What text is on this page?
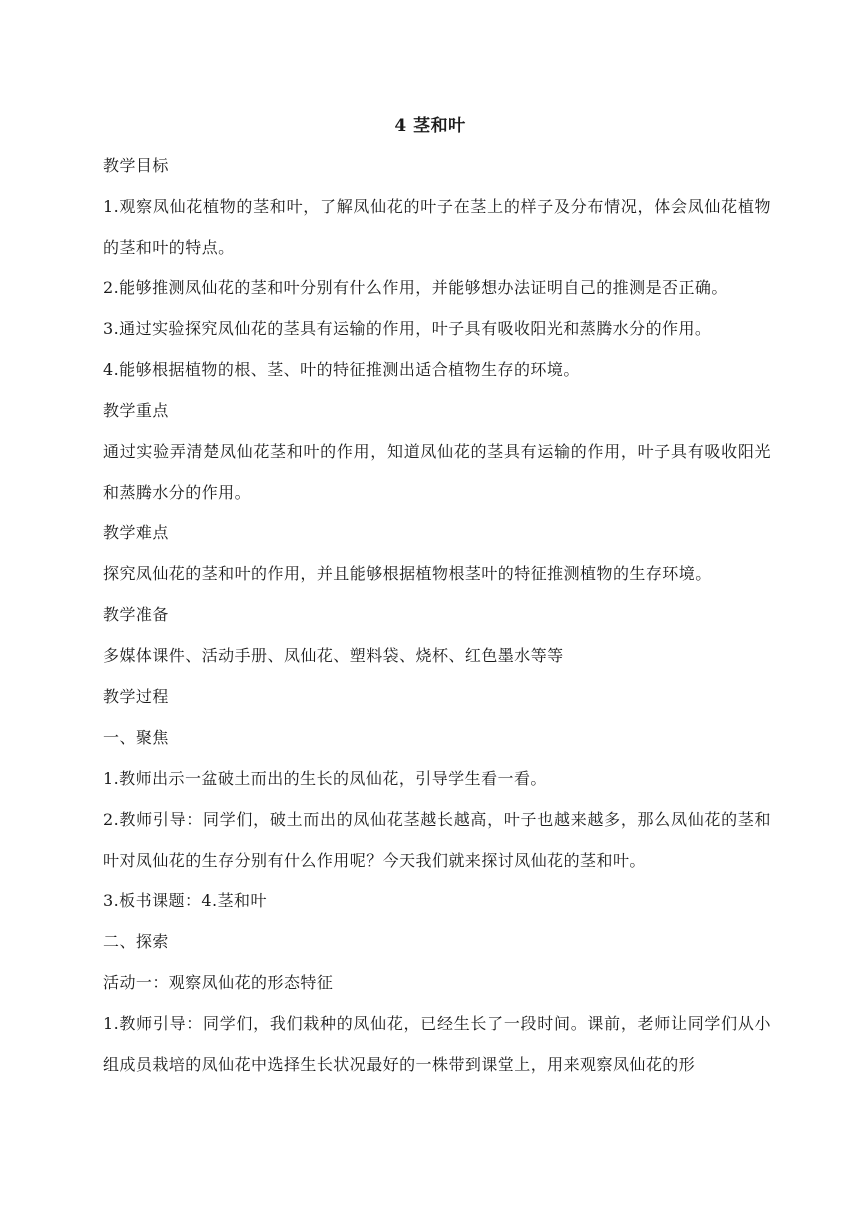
4 茎和叶
教学目标
1.观察凤仙花植物的茎和叶，了解凤仙花的叶子在茎上的样子及分布情况，体会凤仙花植物的茎和叶的特点。
2.能够推测凤仙花的茎和叶分别有什么作用，并能够想办法证明自己的推测是否正确。
3.通过实验探究凤仙花的茎具有运输的作用，叶子具有吸收阳光和蒸腾水分的作用。
4.能够根据植物的根、茎、叶的特征推测出适合植物生存的环境。
教学重点
通过实验弄清楚凤仙花茎和叶的作用，知道凤仙花的茎具有运输的作用，叶子具有吸收阳光和蒸腾水分的作用。
教学难点
探究凤仙花的茎和叶的作用，并且能够根据植物根茎叶的特征推测植物的生存环境。
教学准备
多媒体课件、活动手册、凤仙花、塑料袋、烧杯、红色墨水等等
教学过程
一、聚焦
1.教师出示一盆破土而出的生长的凤仙花，引导学生看一看。
2.教师引导：同学们，破土而出的凤仙花茎越长越高，叶子也越来越多，那么凤仙花的茎和叶对凤仙花的生存分别有什么作用呢？今天我们就来探讨凤仙花的茎和叶。
3.板书课题：4.茎和叶
二、探索
活动一：观察凤仙花的形态特征
1.教师引导：同学们，我们栽种的凤仙花，已经生长了一段时间。课前，老师让同学们从小组成员栽培的凤仙花中选择生长状况最好的一株带到课堂上，用来观察凤仙花的形
